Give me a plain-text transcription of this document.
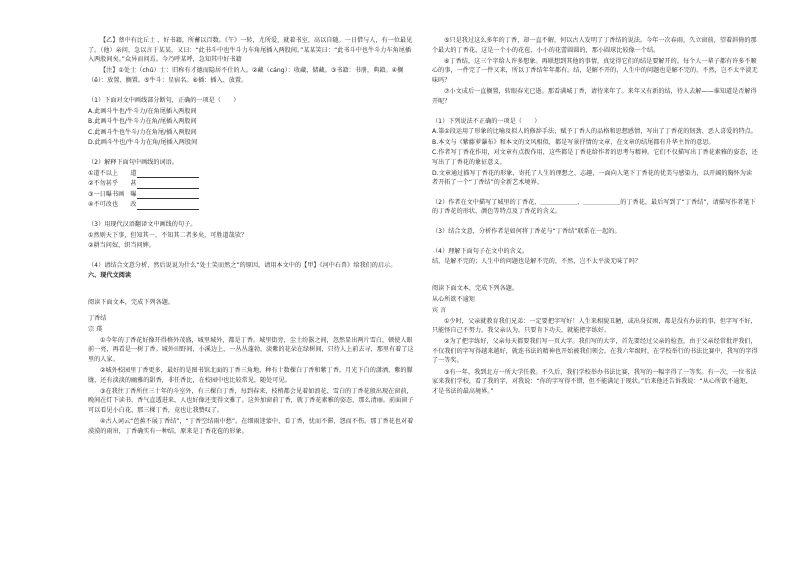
【乙】蔡中有比丘士 ，好书籍，所蓄以百数。《午》一转，尤所爱，就着书室，高以自随。一日借与人，有一位最见了。（他）亲问，急以言于某某，又曰：“此书斗中也牛斗力车角尾插入两股间。”某某笑曰：“此书斗中也牛斗力车角尾插入两股间矣。”众异而问焉。今乃呼某呼，急知其中好书籍

【注】①处士（chǔ）士：旧称有才德而隐居不仕的人。②藏（cáng）：收藏、储藏。③书籍：书册，典籍。④搁（ē）：放置、搁置。⑤牛斗：星宿名。⑥插：插入、放置。

（1）下面对文中画线部分断句，正确的一项是（　　）

A.此画斗牛也/牛斗力/在角尾插入两股间

B.此画斗牛也/牛斗力在角/尾插入两股间

C.此画斗牛也牛斗/力在角尾/插入两股间

D.此画斗牛也/牛斗力在角/尾插入两股间

（2）解释下面句中画线的词语。

①道不以上　　道

②不勿甚乎　　甚

③一日曝书画　曝

④不可改也　　改

（3）用现代汉语翻译文中画线的句子。

①然则天下事，但知其一，不知其二者多矣，可胜道哉欤？

②耕当问奴，织当问婢。

（4）请结合文意分析，然后说说为什么“处士笑而然之”的原因。请用本文中的【甲】《河中石兽》给我们的启示。

六、现代文阅读

阅读下面文本，完成下列各题。

丁香结

宗 璞

①今年的丁香花好像开得格外茂盛，城里城外，都是丁香。城里街旁，尘土纷嚣之间，忽然显出两片雪白，顿使人眼前一亮，再看是一树丁香。城外田野间，小溪边上，一丛丛蓬勃，淡紫的花朵在绿树间，只待人上前去寻，那里有着了这里的人家。

②城外校园里丁香更多，最好的是图书馆北面的丁香三角地，种有十数棵白丁香和紫丁香。月光下白的潇洒，紫的朦胧，还有淡淡的幽雅的甜香，非任香比，在校园中也比较常见，随处可见。

③在我往丁香所住三十年的斗室外，有三棵白丁香，每到春来，枝梢都会见着如浪花、雪白的丁香花般出现在窗前，晚间在灯下读书，香气直透进来，人也好像还变得文雅了。这外加窗前丁香，就丁香花素雅的姿态，那么清丽。前面窗子可以看见小白花，那三棵丁香，竟也让我赞叹了。

④古人词云“芭蕉不展丁香结”，“丁香空结雨中愁”。在细雨迷蒙中，看丁香，忧而不滞，怨而不伤。那丁香花也对着漠漠的雨帘，丁香确实有一种结，原来是丁香花苞的形象。

⑤只是我过这么多年的丁香，却一直不解，何以古人发明了丁香结的说法。今年一次春雨，久立窗前，望着斜倚的那个最大的丁香花，这是一个小的花苞，小小的花蕾圆圆的，那小圆球比较像一个结。

⑥丁香结，这三个字给人许多想象。再联想到其他的事情，真觉得它们的结是要解开的。每个人一辈子都有许多不顺心的事，一件完了一件又来，所以丁香结年年都有。结，是解不开的，人生中的问题也是解不完的，不然，岂不太平淡无味吗？

⑦小文成后一直搁置，转眼春光已逝。那看满城丁香，请待来年了。来年又有新的结，待人去解——谁知道是否解得开呢？

（1）下列说法不正确的一项是（　　）

A.第①段运用了形象的比喻及拟人的修辞手法，赋予丁香人的品格和思想感情，写出了丁香花的韧劲、恶人喜爱的特点。

B.本文与《紫藤萝瀑布》和本文的文风相似，都是写景抒情的文章，在文章的结尾都有升华主旨的意思。

C.作者写丁香花作用，对文章有点拨作用，这些都是丁香花给作者的思考与精神。它们不仅描写出丁香花素雅的姿态，还写出了丁香花的象征意义。

D.文章通过描写丁香花的形象，寄托了人生的理想之、志趣，一面向人笔下丁香花的优美与感染力，以开阔的胸怀为读者开拓了一个“丁香结”的全新艺术境界。

（2）作者在文中描写了城里的丁香花、＿＿＿＿＿＿、＿＿＿＿＿＿的丁香花，最后写到了“丁香结”，请描写作者笔下的丁香花的形状、颜色等特点及丁香花的含义。

（3）结合文意，分析作者是如何将丁香花与“丁香结”联系在一起的。

（4）理解下面句子在文中的含义。

结，是解不完的；人生中的问题也是解不完的，不然，岂不太平淡无味了吗？

阅读下面文本，完成下列各题。

从心所欲不逾矩

宾 言

①少时，父亲就教育我们兄弟：一定要把字写好！人生来相貌丑陋，或出身贫困，都是没有办法的事，但字写不好，只能怪自己不努力。我父亲认为，只要肯下功夫，就能把字练好。

②为了把字练好，父亲每天都要我们写一页大字。我们写的大字，首先要经过父亲的检查，由于父亲经常批评我们，不仅我们的字写得越来越好，就连书法的精神也开始被我们领会。在我六年级时，在学校举行的书法比赛中，我写的字得了一等奖。

③有一年，我到北方一所大学任教。不久后，我们学校举办书法比赛，我写的一幅字得了一等奖。有一次，一位书法家来我们学校，看了我的字，对我说：“你的字写得不错，但不能满足于现状。”后来他还告诉我说：“从心所欲不逾矩，才是书法的最高境界。”
